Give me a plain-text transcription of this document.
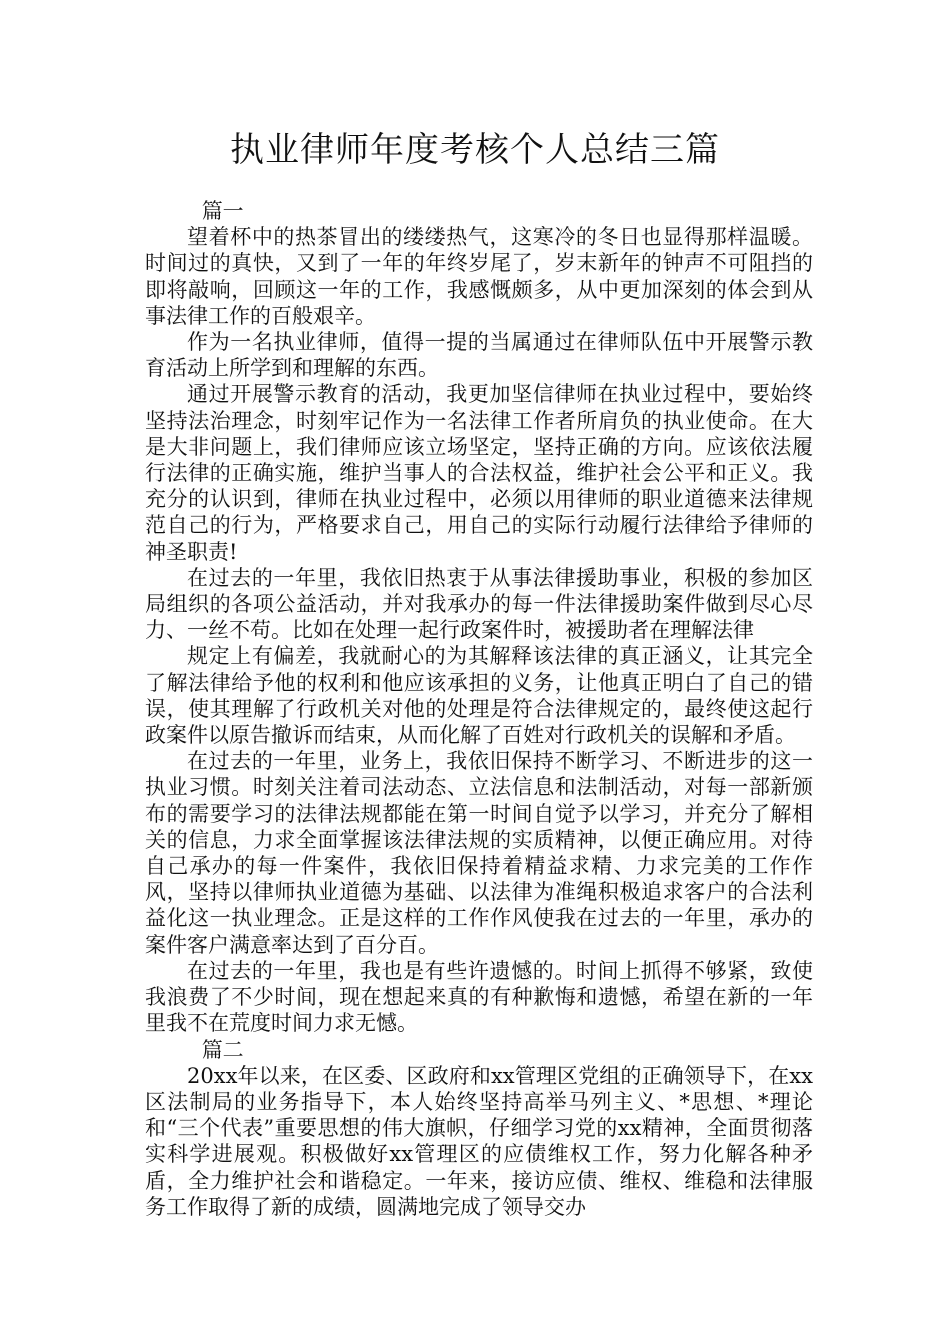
执业律师年度考核个人总结三篇

篇一

望着杯中的热茶冒出的缕缕热气，这寒冷的冬日也显得那样温暖。时间过的真快，又到了一年的年终岁尾了，岁末新年的钟声不可阻挡的即将敲响，回顾这一年的工作，我感慨颇多，从中更加深刻的体会到从事法律工作的百般艰辛。

作为一名执业律师，值得一提的当属通过在律师队伍中开展警示教育活动上所学到和理解的东西。

通过开展警示教育的活动，我更加坚信律师在执业过程中，要始终坚持法治理念，时刻牢记作为一名法律工作者所肩负的执业使命。在大是大非问题上，我们律师应该立场坚定，坚持正确的方向。应该依法履行法律的正确实施，维护当事人的合法权益，维护社会公平和正义。我充分的认识到，律师在执业过程中，必须以用律师的职业道德来法律规范自己的行为，严格要求自己，用自己的实际行动履行法律给予律师的神圣职责!

在过去的一年里，我依旧热衷于从事法律援助事业，积极的参加区局组织的各项公益活动，并对我承办的每一件法律援助案件做到尽心尽力、一丝不苟。比如在处理一起行政案件时，被援助者在理解法律

规定上有偏差，我就耐心的为其解释该法律的真正涵义，让其完全了解法律给予他的权利和他应该承担的义务，让他真正明白了自己的错误，使其理解了行政机关对他的处理是符合法律规定的，最终使这起行政案件以原告撤诉而结束，从而化解了百姓对行政机关的误解和矛盾。

在过去的一年里，业务上，我依旧保持不断学习、不断进步的这一执业习惯。时刻关注着司法动态、立法信息和法制活动，对每一部新颁布的需要学习的法律法规都能在第一时间自觉予以学习，并充分了解相关的信息，力求全面掌握该法律法规的实质精神，以便正确应用。对待自己承办的每一件案件，我依旧保持着精益求精、力求完美的工作作风，坚持以律师执业道德为基础、以法律为准绳积极追求客户的合法利益化这一执业理念。正是这样的工作作风使我在过去的一年里，承办的案件客户满意率达到了百分百。

在过去的一年里，我也是有些许遗憾的。时间上抓得不够紧，致使我浪费了不少时间，现在想起来真的有种歉悔和遗憾，希望在新的一年里我不在荒度时间力求无憾。

篇二

20xx年以来，在区委、区政府和xx管理区党组的正确领导下，在xx区法制局的业务指导下，本人始终坚持高举马列主义、*思想、*理论和“三个代表”重要思想的伟大旗帜，仔细学习党的xx精神，全面贯彻落实科学进展观。积极做好xx管理区的应债维权工作，努力化解各种矛盾，全力维护社会和谐稳定。一年来，接访应债、维权、维稳和法律服务工作取得了新的成绩，圆满地完成了领导交办
